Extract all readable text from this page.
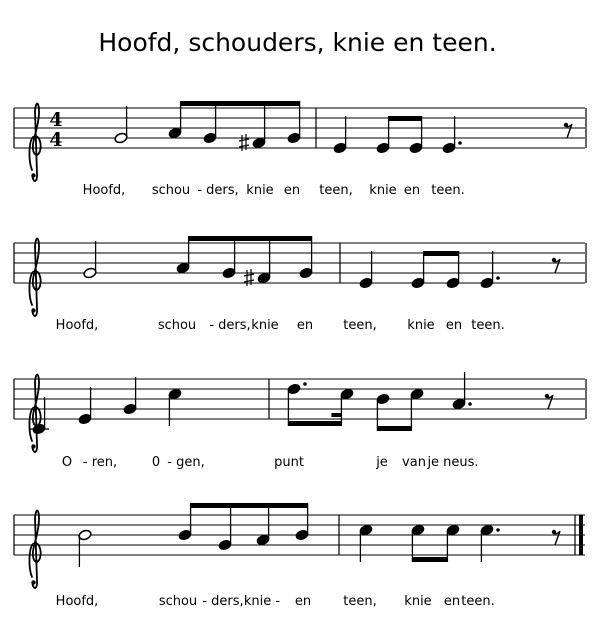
Hoofd, schouders, knie en teen.
4
4
Hoofd, schou - ders, knie en teen, knie en teen.
Hoofd,	schou - ders, knie en teen, knie en teen.
O - ren,	0 - gen,	punt	je van je neus.
Hoofd,	schou - ders, knie - en teen, knie en teen.
